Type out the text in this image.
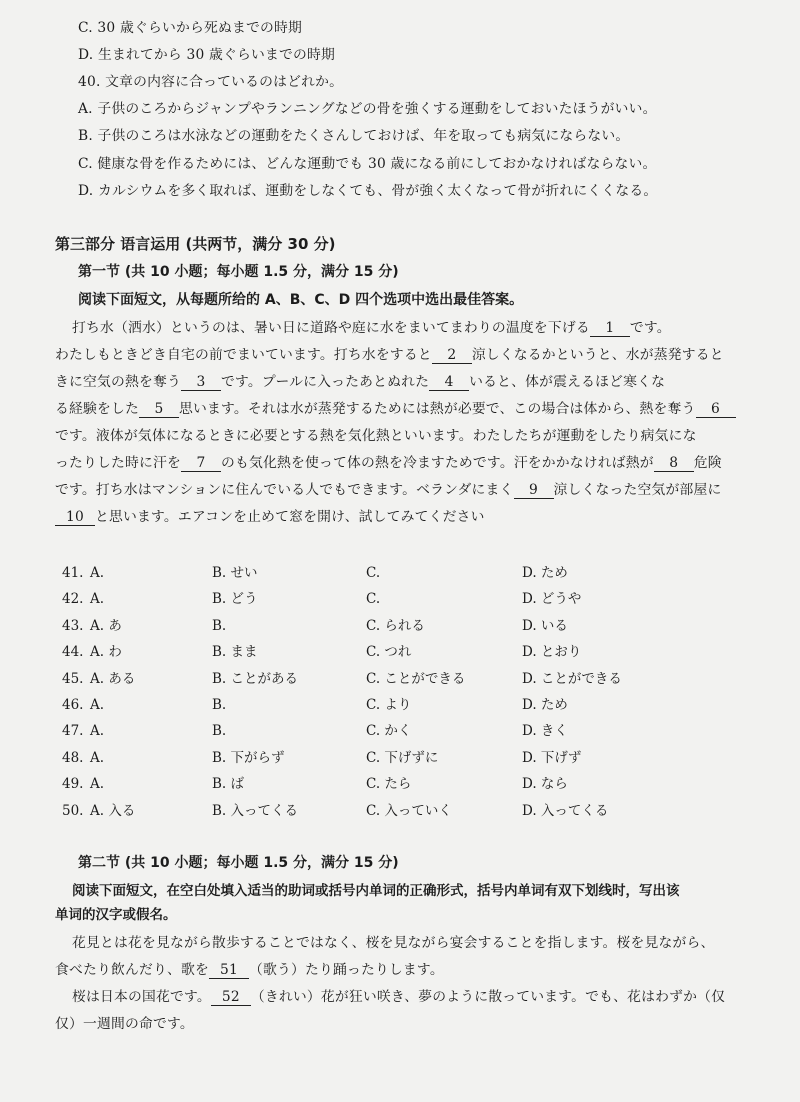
C. 30 歳ぐらいから死ぬまでの時期
D. 生まれてから 30 歳ぐらいまでの時期
40. 文章の内容に合っているのはどれか。
A. 子供のころからジャンプやランニングなどの骨を強くする運動をしておいたほうがいい。
B. 子供のころは水泳などの運動をたくさんしておけば、年を取っても病気にならない。
C. 健康な骨を作るためには、どんな運動でも 30 歳になる前にしておかなければならない。
D. カルシウムを多く取れば、運動をしなくても、骨が強く太くなって骨が折れにくくなる。
第三部分 语言运用 (共两节，满分 30 分)
第一节 (共 10 小题；每小题 1.5 分，满分 15 分)
阅读下面短文，从每题所给的 A、B、C、D 四个选项中选出最佳答案。
打ち水（洒水）というのは、暑い日に道路や庭に水をまいてまわりの温度を下げる 1 です。
わたしもときどき自宅の前でまいています。打ち水をすると 2 涼しくなるかというと、水が蒸発すると
きに空気の熱を奪う 3 です。プールに入ったあとぬれた 4 いると、体が震えるほど寒くな
る経験をした 5 思います。それは水が蒸発するためには熱が必要で、この場合は体から、熱を奪う 6
です。液体が気体になるときに必要とする熱を気化熱といいます。わたしたちが運動をしたり病気にな
ったりした時に汗を 7 のも気化熱を使って体の熱を冷ますためです。汗をかかなければ熱が 8 危険
です。打ち水はマンションに住んでいる人でもできます。ベランダにまく 9 涼しくなった空気が部屋に
10 と思います。エアコンを止めて窓を開け、試してみてください
41. A.	B. せい	C.	D. ため
42. A.	B. どう	C.	D. どうや
43. A. あ	B.	C. られる	D. いる
44. A. わ	B. まま	C. つれ	D. とおり
45. A. ある	B. ことがある	C. ことができる	D. ことができる
46. A.	B.	C. より	D. ため
47. A.	B.	C. かく	D. きく
48. A.	B. 下がらず	C. 下げずに	D. 下げず
49. A.	B. ば	C. たら	D. なら
50. A. 入る	B. 入ってくる	C. 入っていく	D. 入ってくる
第二节 (共 10 小题；每小题 1.5 分，满分 15 分)
阅读下面短文，在空白处填入适当的助词或括号内单词的正确形式，括号内单词有双下划线时，写出该
单词的汉字或假名。
花見とは花を見ながら散歩することではなく、桜を見ながら宴会することを指します。桜を見ながら、
食べたり飲んだり、歌を 51 （歌う）たり踊ったりします。
桜は日本の国花です。 52 （きれい）花が狂い咲き、夢のように散っています。でも、花はわずか（仅
仅）一週間の命です。
